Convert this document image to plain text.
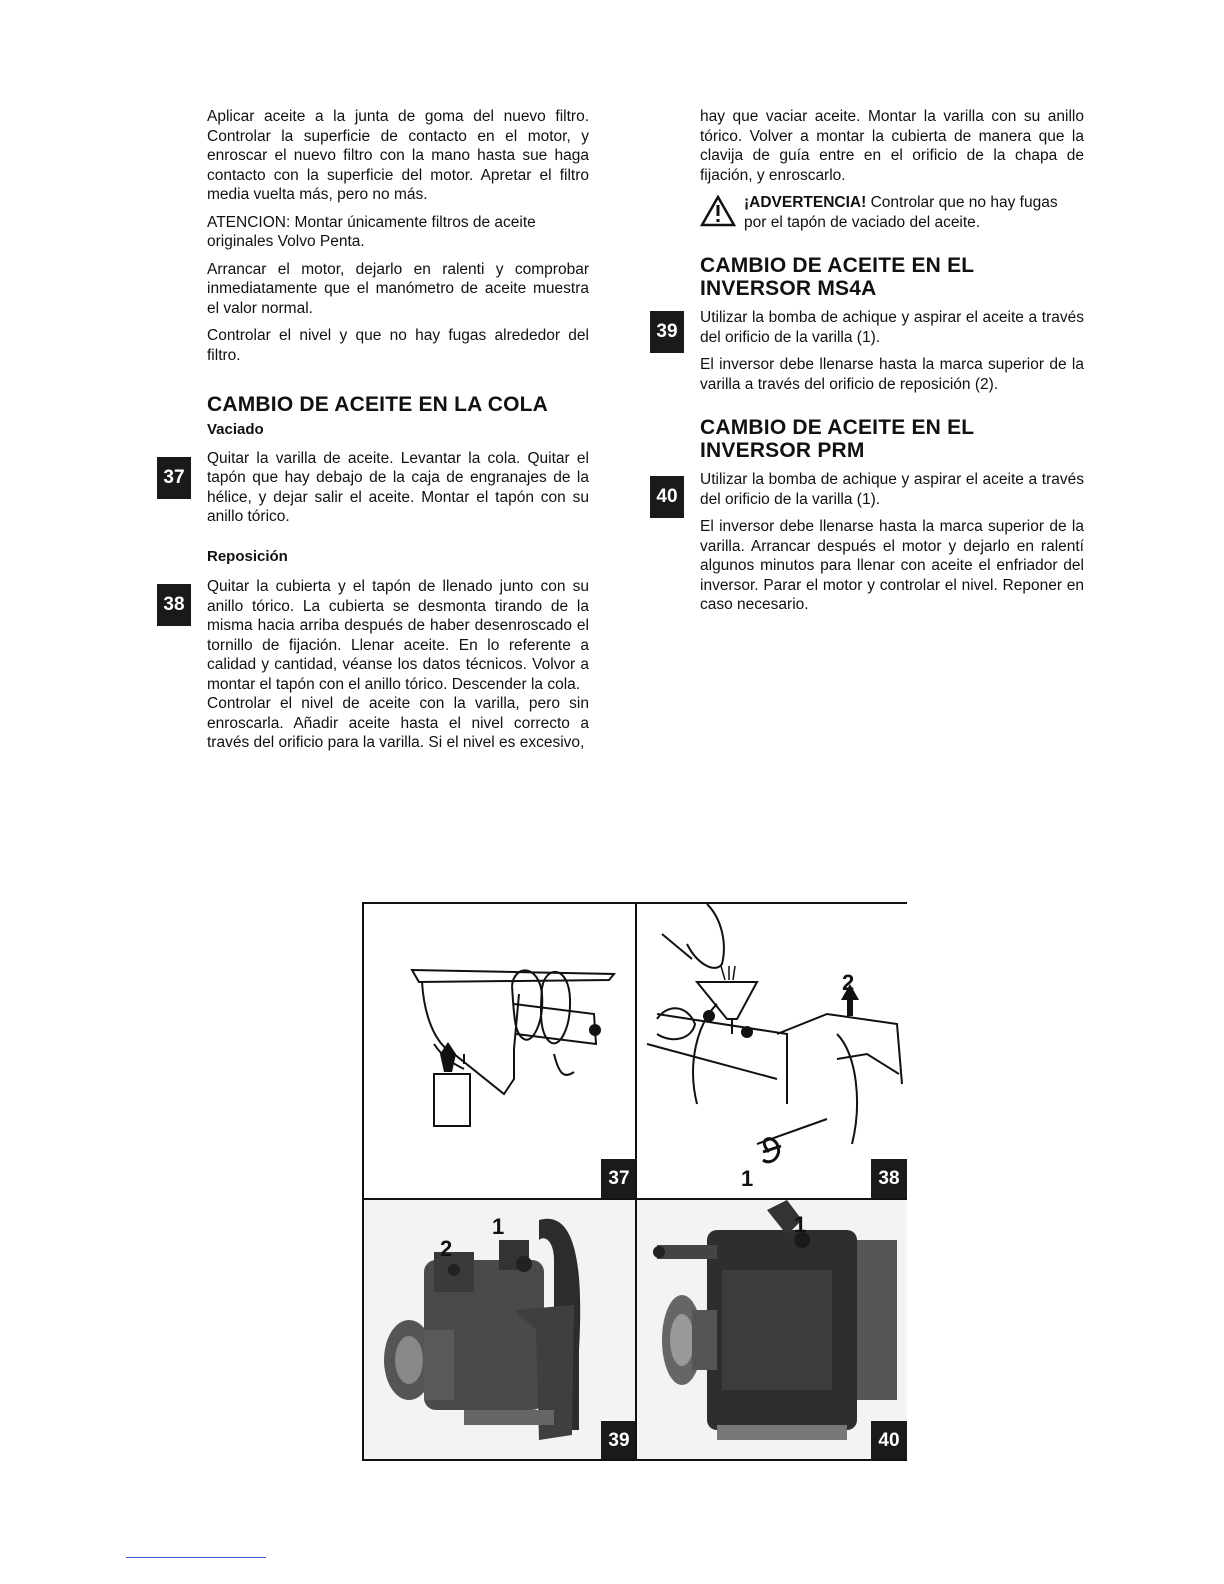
Aplicar aceite a la junta de goma del nuevo filtro. Controlar la superficie de contacto en el motor, y enroscar el nuevo filtro con la mano hasta sue haga contacto con la superficie del motor. Apretar el filtro media vuelta más, pero no más.

ATENCION: Montar únicamente filtros de aceite originales Volvo Penta.

Arrancar el motor, dejarlo en ralenti y comprobar inmediatamente que el manómetro de aceite muestra el valor normal.

Controlar el nivel y que no hay fugas alrededor del filtro.

CAMBIO DE ACEITE EN LA COLA
Vaciado

Quitar la varilla de aceite. Levantar la cola. Quitar el tapón que hay debajo de la caja de engranajes de la hélice, y dejar salir el aceite. Montar el tapón con su anillo tórico.

Reposición

Quitar la cubierta y el tapón de llenado junto con su anillo tórico. La cubierta se desmonta tirando de la misma hacia arriba después de haber desenroscado el tornillo de fijación. Llenar aceite. En lo referente a calidad y cantidad, véanse los datos técnicos. Volvor a montar el tapón con el anillo tórico. Descender la cola.

Controlar el nivel de aceite con la varilla, pero sin enroscarla. Añadir aceite hasta el nivel correcto a través del orificio para la varilla. Si el nivel es excesivo,

37
38

hay que vaciar aceite. Montar la varilla con su anillo tórico. Volver a montar la cubierta de manera que la clavija de guía entre en el orificio de la chapa de fijación, y enroscarlo.

¡ADVERTENCIA! Controlar que no hay fugas por el tapón de vaciado del aceite.

CAMBIO DE ACEITE EN EL INVERSOR MS4A

Utilizar la bomba de achique y aspirar el aceite a través del orificio de la varilla (1).

El inversor debe llenarse hasta la marca superior de la varilla a través del orificio de reposición (2).

CAMBIO DE ACEITE EN EL INVERSOR PRM

Utilizar la bomba de achique y aspirar el aceite a través del orificio de la varilla (1).

El inversor debe llenarse hasta la marca superior de la varilla. Arrancar después el motor y dejarlo en ralentí algunos minutos para llenar con aceite el enfriador del inversor. Parar el motor y controlar el nivel. Reponer en caso necesario.

39
40
37
2
1	38
2
1
39
1
40
